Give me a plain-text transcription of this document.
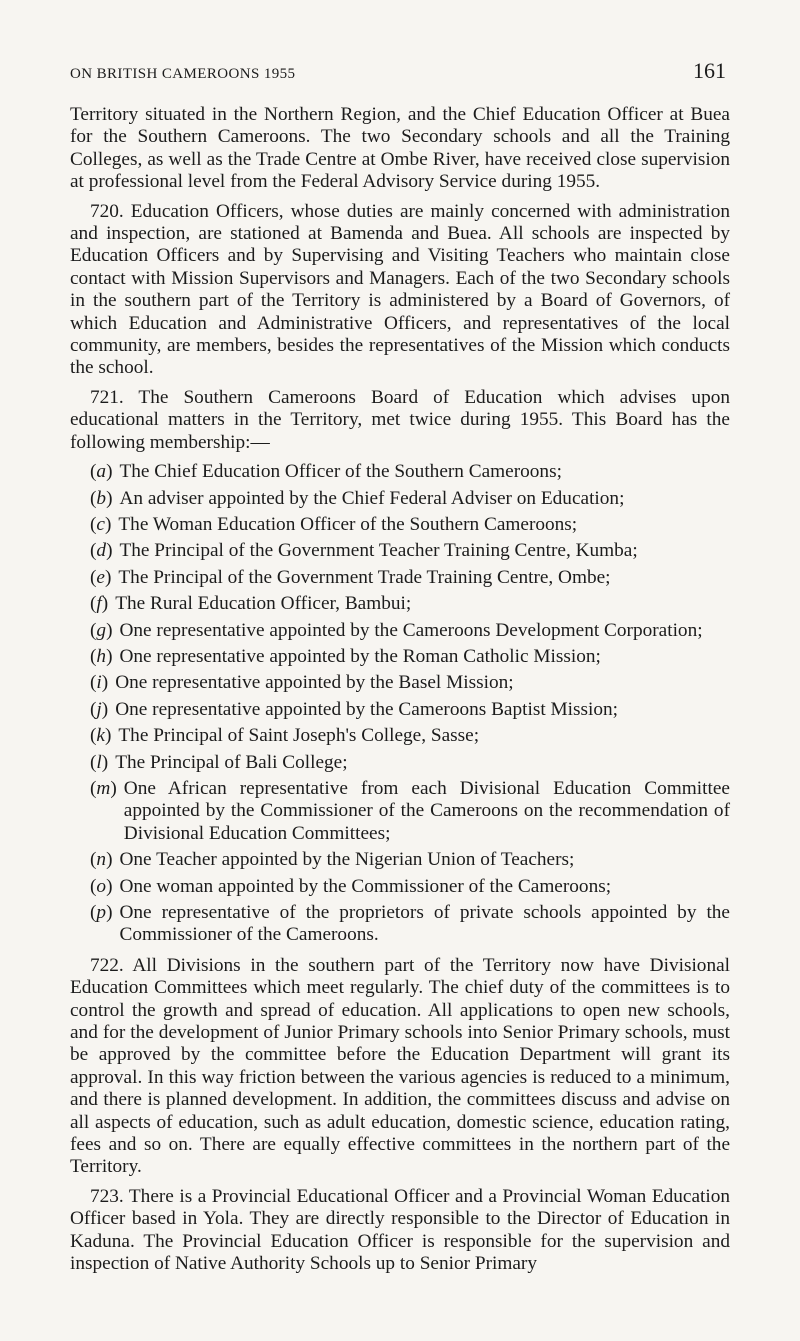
ON BRITISH CAMEROONS 1955	161

Territory situated in the Northern Region, and the Chief Education Officer at Buea for the Southern Cameroons. The two Secondary schools and all the Training Colleges, as well as the Trade Centre at Ombe River, have received close supervision at professional level from the Federal Advisory Service during 1955.

720. Education Officers, whose duties are mainly concerned with administration and inspection, are stationed at Bamenda and Buea. All schools are inspected by Education Officers and by Supervising and Visiting Teachers who maintain close contact with Mission Supervisors and Managers. Each of the two Secondary schools in the southern part of the Territory is administered by a Board of Governors, of which Education and Administrative Officers, and representatives of the local community, are members, besides the representatives of the Mission which conducts the school.

721. The Southern Cameroons Board of Education which advises upon educational matters in the Territory, met twice during 1955. This Board has the following membership:—

(a) The Chief Education Officer of the Southern Cameroons;
(b) An adviser appointed by the Chief Federal Adviser on Education;
(c) The Woman Education Officer of the Southern Cameroons;
(d) The Principal of the Government Teacher Training Centre, Kumba;
(e) The Principal of the Government Trade Training Centre, Ombe;
(f) The Rural Education Officer, Bambui;
(g) One representative appointed by the Cameroons Development Corporation;
(h) One representative appointed by the Roman Catholic Mission;
(i) One representative appointed by the Basel Mission;
(j) One representative appointed by the Cameroons Baptist Mission;
(k) The Principal of Saint Joseph's College, Sasse;
(l) The Principal of Bali College;
(m) One African representative from each Divisional Education Committee appointed by the Commissioner of the Cameroons on the recommendation of Divisional Education Committees;
(n) One Teacher appointed by the Nigerian Union of Teachers;
(o) One woman appointed by the Commissioner of the Cameroons;
(p) One representative of the proprietors of private schools appointed by the Commissioner of the Cameroons.

722. All Divisions in the southern part of the Territory now have Divisional Education Committees which meet regularly. The chief duty of the committees is to control the growth and spread of education. All applications to open new schools, and for the development of Junior Primary schools into Senior Primary schools, must be approved by the committee before the Education Department will grant its approval. In this way friction between the various agencies is reduced to a minimum, and there is planned development. In addition, the committees discuss and advise on all aspects of education, such as adult education, domestic science, education rating, fees and so on. There are equally effective committees in the northern part of the Territory.

723. There is a Provincial Educational Officer and a Provincial Woman Education Officer based in Yola. They are directly responsible to the Director of Education in Kaduna. The Provincial Education Officer is responsible for the supervision and inspection of Native Authority Schools up to Senior Primary
